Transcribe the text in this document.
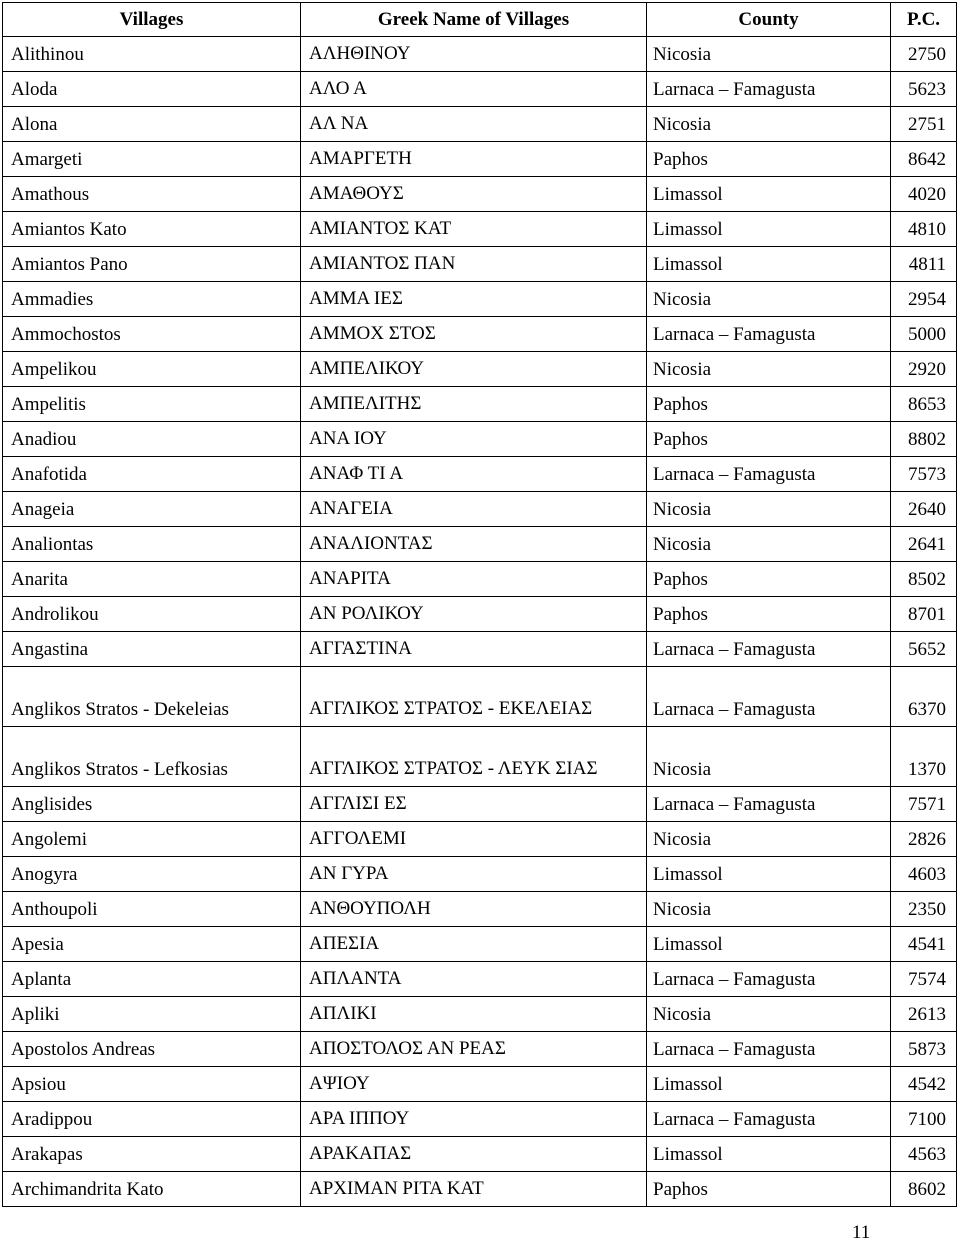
Villages	Greek Name of Villages	County	P.C.
Alithinou	ΑΛΗΘΙΝΟΥ	Nicosia	2750
Aloda	ΑΛΟ Α	Larnaca – Famagusta	5623
Alona	ΑΛ ΝΑ	Nicosia	2751
Amargeti	ΑΜΑΡΓΕΤΗ	Paphos	8642
Amathous	ΑΜΑΘΟΥΣ	Limassol	4020
Amiantos Kato	ΑΜΙΑΝΤΟΣ ΚΑΤ	Limassol	4810
Amiantos Pano	ΑΜΙΑΝΤΟΣ ΠΑΝ	Limassol	4811
Ammadies	ΑΜΜΑ ΙΕΣ	Nicosia	2954
Ammochostos	ΑΜΜΟΧ ΣΤΟΣ	Larnaca – Famagusta	5000
Ampelikou	ΑΜΠΕΛΙΚΟΥ	Nicosia	2920
Ampelitis	ΑΜΠΕΛΙΤΗΣ	Paphos	8653
Anadiou	ΑΝΑ ΙΟΥ	Paphos	8802
Anafotida	ΑΝΑΦ ΤΙ Α	Larnaca – Famagusta	7573
Anageia	ΑΝΑΓΕΙΑ	Nicosia	2640
Analiontas	ΑΝΑΛΙΟΝΤΑΣ	Nicosia	2641
Anarita	ΑΝΑΡΙΤΑ	Paphos	8502
Androlikou	ΑΝ ΡΟΛΙΚΟΥ	Paphos	8701
Angastina	ΑΓΓΑΣΤΙΝΑ	Larnaca – Famagusta	5652
Anglikos Stratos - Dekeleias	ΑΓΓΛΙΚΟΣ ΣΤΡΑΤΟΣ - ΕΚΕΛΕΙΑΣ	Larnaca – Famagusta	6370
Anglikos Stratos - Lefkosias	ΑΓΓΛΙΚΟΣ ΣΤΡΑΤΟΣ - ΛΕΥΚ ΣΙΑΣ	Nicosia	1370
Anglisides	ΑΓΓΛΙΣΙ ΕΣ	Larnaca – Famagusta	7571
Angolemi	ΑΓΓΟΛΕΜΙ	Nicosia	2826
Anogyra	ΑΝ ΓΥΡΑ	Limassol	4603
Anthoupoli	ΑΝΘΟΥΠΟΛΗ	Nicosia	2350
Apesia	ΑΠΕΣΙΑ	Limassol	4541
Aplanta	ΑΠΛΑΝΤΑ	Larnaca – Famagusta	7574
Apliki	ΑΠΛΙΚΙ	Nicosia	2613
Apostolos Andreas	ΑΠΟΣΤΟΛΟΣ ΑΝ ΡΕΑΣ	Larnaca – Famagusta	5873
Apsiou	ΑΨΙΟΥ	Limassol	4542
Aradippou	ΑΡΑ ΙΠΠΟΥ	Larnaca – Famagusta	7100
Arakapas	ΑΡΑΚΑΠΑΣ	Limassol	4563
Archimandrita Kato	ΑΡΧΙΜΑΝ ΡΙΤΑ ΚΑΤ	Paphos	8602
11
